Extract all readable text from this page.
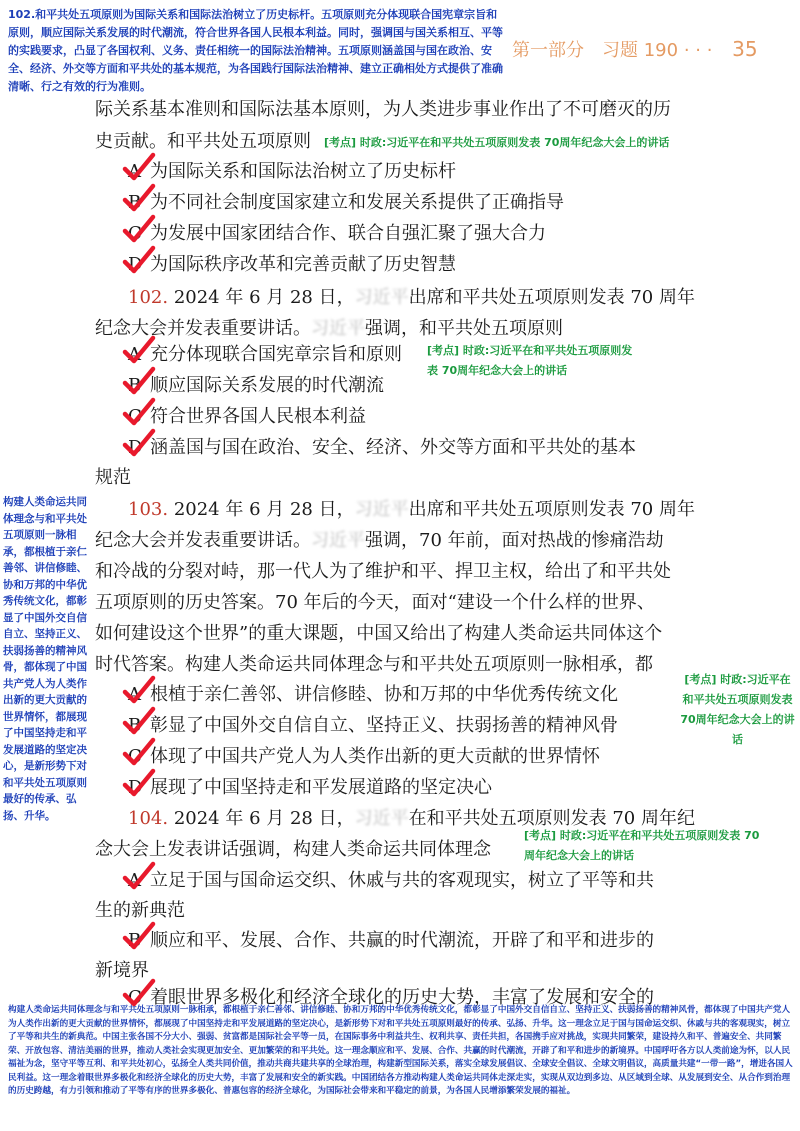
102.和平共处五项原则为国际关系和国际法治树立了历史标杆。五项原则充分体现联合国宪章宗旨和原则，顺应国际关系发展的时代潮流，符合世界各国人民根本利益。同时，强调国与国关系相互、平等的实践要求，凸显了各国权利、义务、责任相统一的国际法治精神。五项原则涵盖国与国在政治、安全、经济、外交等方面和平共处的基本规范，为各国践行国际法治精神、建立正确相处方式提供了准确清晰、行之有效的行为准则。
第一部分　习题 190 · · · 35
际关系基本准则和国际法基本原则，为人类进步事业作出了不可磨灭的历
史贡献。和平共处五项原则 [考点] 时政:习近平在和平共处五项原则发表 70周年纪念大会上的讲话
A 为国际关系和国际法治树立了历史标杆
B 为不同社会制度国家建立和发展关系提供了正确指导
C 为发展中国家团结合作、联合自强汇聚了强大合力
D 为国际秩序改革和完善贡献了历史智慧
102. 2024 年 6 月 28 日，习近平出席和平共处五项原则发表 70 周年
纪念大会并发表重要讲话。习近平强调，和平共处五项原则
[考点] 时政:习近平在和平共处五项原则发表 70周年纪念大会上的讲话
A 充分体现联合国宪章宗旨和原则
B 顺应国际关系发展的时代潮流
C 符合世界各国人民根本利益
D 涵盖国与国在政治、安全、经济、外交等方面和平共处的基本
规范
构建人类命运共同体理念与和平共处五项原则一脉相承，都根植于亲仁善邻、讲信修睦、协和万邦的中华优秀传统文化，都彰显了中国外交自信自立、坚持正义、扶弱扬善的精神风骨，都体现了中国共产党人为人类作出新的更大贡献的世界情怀，都展现了中国坚持走和平发展道路的坚定决心，是新形势下对和平共处五项原则最好的传承、弘扬、升华。
103. 2024 年 6 月 28 日，习近平出席和平共处五项原则发表 70 周年
纪念大会并发表重要讲话。习近平强调，70 年前，面对热战的惨痛浩劫
和冷战的分裂对峙，那一代人为了维护和平、捍卫主权，给出了和平共处
五项原则的历史答案。70 年后的今天，面对“建设一个什么样的世界、
如何建设这个世界”的重大课题，中国又给出了构建人类命运共同体这个
时代答案。构建人类命运共同体理念与和平共处五项原则一脉相承，都
[考点] 时政:习近平在和平共处五项原则发表 70周年纪念大会上的讲话
A 根植于亲仁善邻、讲信修睦、协和万邦的中华优秀传统文化
B 彰显了中国外交自信自立、坚持正义、扶弱扬善的精神风骨
C 体现了中国共产党人为人类作出新的更大贡献的世界情怀
D 展现了中国坚持走和平发展道路的坚定决心
104. 2024 年 6 月 28 日，习近平在和平共处五项原则发表 70 周年纪
念大会上发表讲话强调，构建人类命运共同体理念
[考点] 时政:习近平在和平共处五项原则发表 70周年纪念大会上的讲话
A 立足于国与国命运交织、休戚与共的客观现实，树立了平等和共
生的新典范
B 顺应和平、发展、合作、共赢的时代潮流，开辟了和平和进步的
新境界
C 着眼世界多极化和经济全球化的历史大势，丰富了发展和安全的
构建人类命运共同体理念与和平共处五项原则一脉相承，都根植于亲仁善邻、讲信修睦、协和万邦的中华优秀传统文化，都彰显了中国外交自信自立、坚持正义、扶弱扬善的精神风骨，都体现了中国共产党人为人类作出新的更大贡献的世界情怀，都展现了中国坚持走和平发展道路的坚定决心，是新形势下对和平共处五项原则最好的传承、弘扬、升华。这一理念立足于国与国命运交织、休戚与共的客观现实，树立了平等和共生的新典范。中国主张各国不分大小、强弱、贫富都是国际社会平等一员，在国际事务中利益共生、权利共享、责任共担，各国携手应对挑战，实现共同繁荣，建设持久和平、普遍安全、共同繁荣、开放包容、清洁美丽的世界，推动人类社会实现更加安全、更加繁荣的和平共处。这一理念顺应和平、发展、合作、共赢的时代潮流，开辟了和平和进步的新境界。中国呼吁各方以人类前途为怀，以人民福祉为念，坚守平等互利、和平共处初心，弘扬全人类共同价值，推动共商共建共享的全球治理，构建新型国际关系，落实全球发展倡议、全球安全倡议、全球文明倡议，高质量共建“一带一路”，增进各国人民利益。这一理念着眼世界多极化和经济全球化的历史大势，丰富了发展和安全的新实践。中国团结各方推动构建人类命运共同体走深走实，实现从双边到多边、从区域到全球、从发展到安全、从合作到治理的历史跨越，有力引领和推动了平等有序的世界多极化、普惠包容的经济全球化，为国际社会带来和平稳定的前景，为各国人民增添繁荣发展的福祉。
